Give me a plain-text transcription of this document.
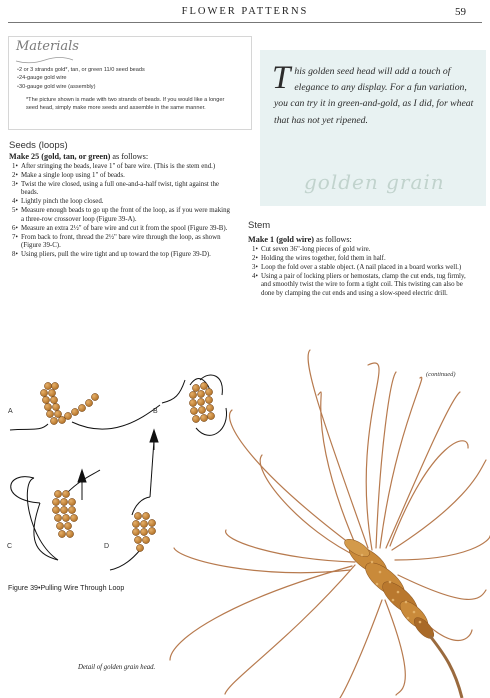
FLOWER PATTERNS	59
Materials
• 2 or 3 strands gold*, tan, or green 11/0 seed beads
• 24-gauge gold wire
• 30-gauge gold wire (assembly)
*The picture shown is made with two strands of beads. If you would like a longer seed head, simply make more seeds and assemble in the same manner.
Seeds (loops)
Make 25 (gold, tan, or green) as follows:
1• After stringing the beads, leave 1" of bare wire. (This is the stem end.)
2• Make a single loop using 1" of beads.
3• Twist the wire closed, using a full one-and-a-half twist, tight against the beads.
4• Lightly pinch the loop closed.
5• Measure enough beads to go up the front of the loop, as if you were making a three-row crossover loop (Figure 39-A).
6• Measure an extra 2½" of bare wire and cut it from the spool (Figure 39-B).
7• From back to front, thread the 2½" bare wire through the loop, as shown (Figure 39-C).
8• Using pliers, pull the wire tight and up toward the top (Figure 39-D).
This golden seed head will add a touch of elegance to any display. For a fun variation, you can try it in green-and-gold, as I did, for wheat that has not yet ripened.
golden grain
Stem
Make 1 (gold wire) as follows:
1• Cut seven 36"-long pieces of gold wire.
2• Holding the wires together, fold them in half.
3• Loop the fold over a stable object. (A nail placed in a board works well.)
4• Using a pair of locking pliers or hemostats, clamp the cut ends, tug firmly, and smoothly twist the wire to form a tight coil. This twisting can also be done by clamping the cut ends and using a slow-speed electric drill.
(continued)
A	B
C	D
Figure 39•Pulling Wire Through Loop
Detail of golden grain head.
